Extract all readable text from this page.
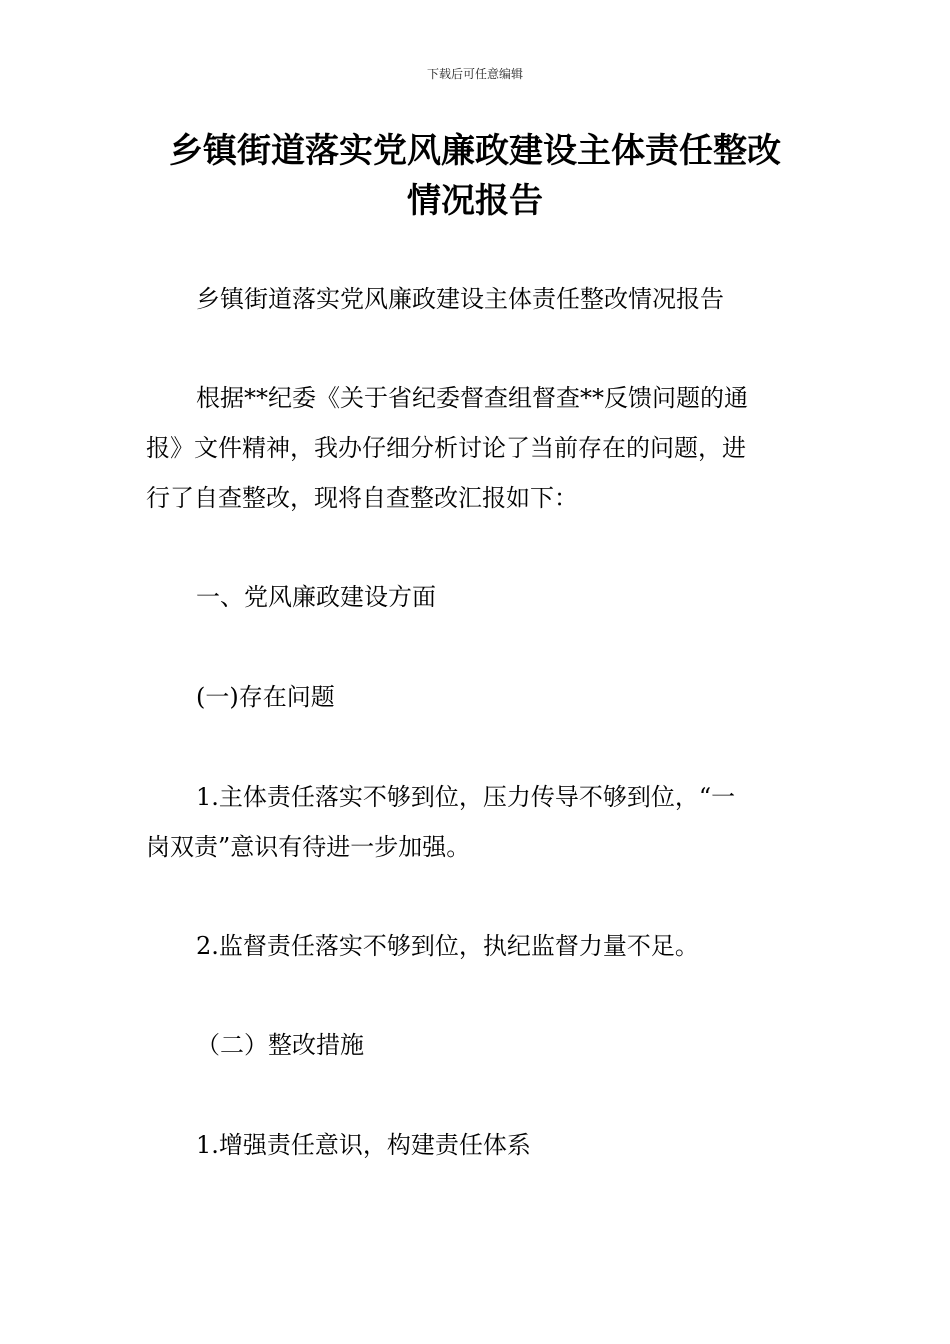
下载后可任意编辑
乡镇街道落实党风廉政建设主体责任整改
情况报告

乡镇街道落实党风廉政建设主体责任整改情况报告

根据**纪委《关于省纪委督查组督查**反馈问题的通
报》文件精神，我办仔细分析讨论了当前存在的问题，进
行了自查整改，现将自查整改汇报如下：

一、党风廉政建设方面

(一)存在问题

1.主体责任落实不够到位，压力传导不够到位，“一
岗双责”意识有待进一步加强。

2.监督责任落实不够到位，执纪监督力量不足。

（二）整改措施

1.增强责任意识，构建责任体系
